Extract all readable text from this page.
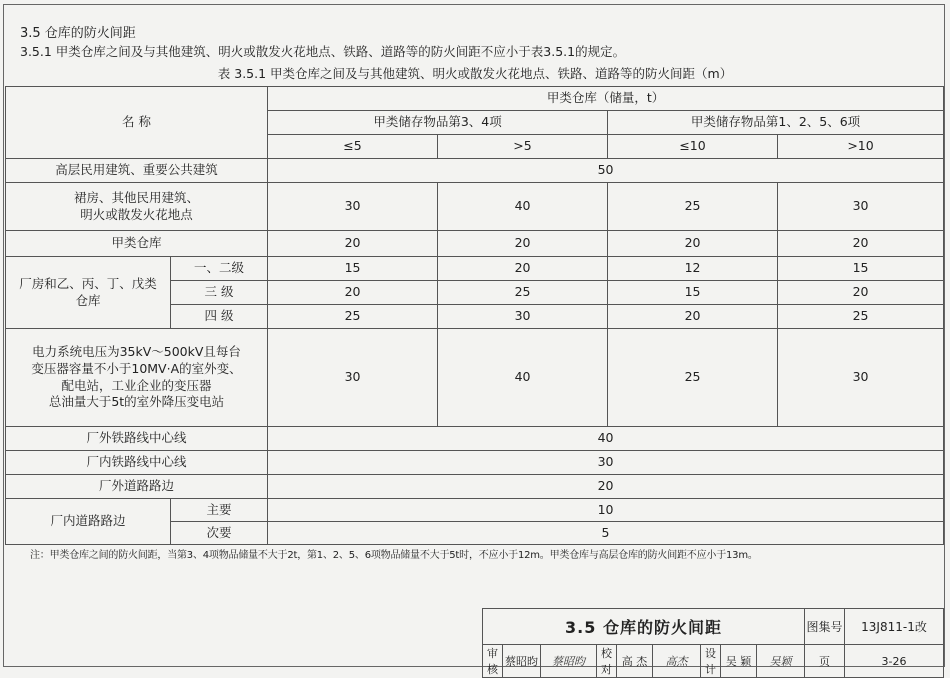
3.5 仓库的防火间距
3.5.1 甲类仓库之间及与其他建筑、明火或散发火花地点、铁路、道路等的防火间距不应小于表3.5.1的规定。
表 3.5.1 甲类仓库之间及与其他建筑、明火或散发火花地点、铁路、道路等的防火间距（m）
名 称		甲类仓库（储量，t）			
		甲类储存物品第3、4项		甲类储存物品第1、2、5、6项	
		≤5	>5	≤10	>10
高层民用建筑、重要公共建筑		50			

裙房、其他民用建筑、
明火或散发火花地点		30	40	25	30
甲类仓库		20	20	20	20

厂房和乙、丙、丁、戊类
仓库	一、二级	15	20	12	15
	三 级	20	25	15	20
	四 级	25	30	20	25

电力系统电压为35kV～500kV且每台
变压器容量不小于10MV·A的室外变、
配电站，工业企业的变压器
总油量大于5t的室外降压变电站		30	40	25	30
厂外铁路线中心线		40			
厂内铁路线中心线		30			
厂外道路路边		20			
厂内道路路边	主要	10			
	次要	5			
注：甲类仓库之间的防火间距，当第3、4项物品储量不大于2t，第1、2、5、6项物品储量不大于5t时，不应小于12m。甲类仓库与高层仓库的防火间距不应小于13m。
3.5 仓库的防火间距									图集号	13J811-1改
审核	蔡昭昀	蔡昭昀	校对	高 杰	高杰	设计	吴 颖	吴颖	页	3-26
